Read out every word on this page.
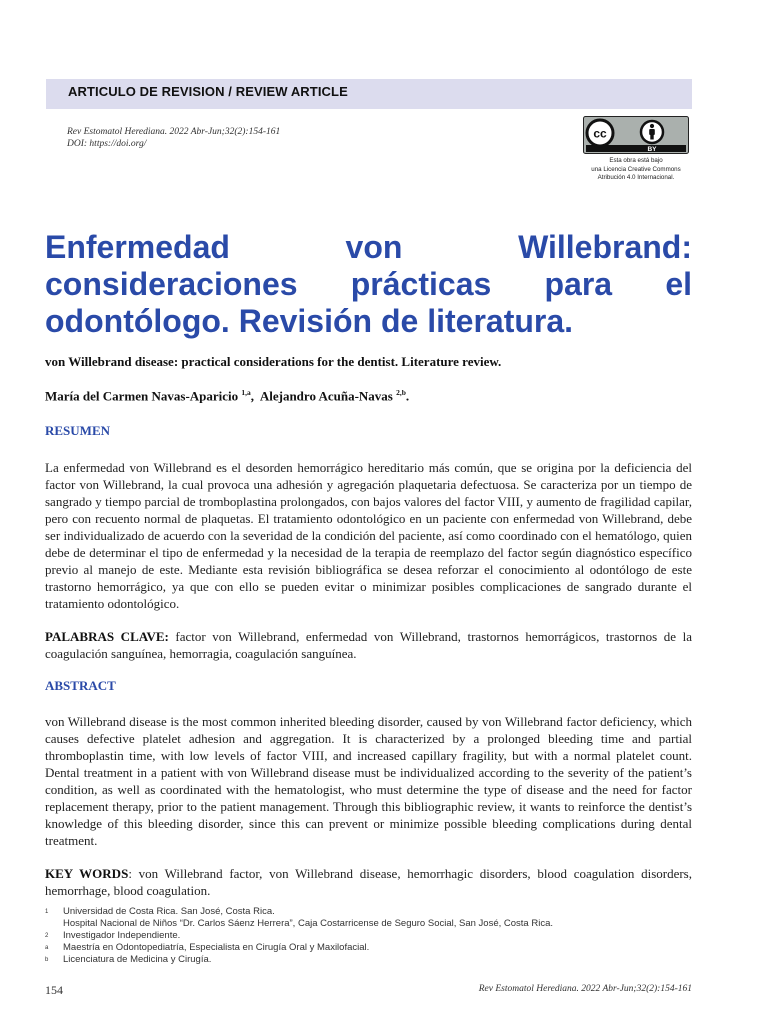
ARTICULO DE REVISION / REVIEW ARTICLE
Rev Estomatol Herediana. 2022 Abr-Jun;32(2):154-161
DOI: https://doi.org/
cc
BY
Esta obra está bajo
una Licencia Creative Commons
Atribución 4.0 Internacional.
Enfermedad von Willebrand: consideraciones prácticas para el odontólogo. Revisión de literatura.
von Willebrand disease: practical considerations for the dentist. Literature review.
María del Carmen Navas-Aparicio $^{1,a}$,  Alejandro Acuña-Navas $^{2,b}$.
RESUMEN

La enfermedad von Willebrand es el desorden hemorrágico hereditario más común, que se origina por la deficiencia del factor von Willebrand, la cual provoca una adhesión y agregación plaquetaria defectuosa. Se caracteriza por un tiempo de sangrado y tiempo parcial de tromboplastina prolongados, con bajos valores del factor VIII, y aumento de fragilidad capilar, pero con recuento normal de plaquetas. El tratamiento odontológico en un paciente con enfermedad von Willebrand, debe ser individualizado de acuerdo con la severidad de la condición del paciente, así como coordinado con el hematólogo, quien debe de determinar el tipo de enfermedad y la necesidad de la terapia de reemplazo del factor según diagnóstico específico previo al manejo de este. Mediante esta revisión bibliográfica se desea reforzar el conocimiento al odontólogo de este trastorno hemorrágico, ya que con ello se pueden evitar o minimizar posibles complicaciones de sangrado durante el tratamiento odontológico.

PALABRAS CLAVE: factor von Willebrand, enfermedad von Willebrand, trastornos hemorrágicos, trastornos de la coagulación sanguínea, hemorragia, coagulación sanguínea.

ABSTRACT

von Willebrand disease is the most common inherited bleeding disorder, caused by von Willebrand factor deficiency, which causes defective platelet adhesion and aggregation. It is characterized by a prolonged bleeding time and partial thromboplastin time, with low levels of factor VIII, and increased capillary fragility, but with a normal platelet count. Dental treatment in a patient with von Willebrand disease must be individualized according to the severity of the patient’s condition, as well as coordinated with the hematologist, who must determine the type of disease and the need for factor replacement therapy, prior to the patient management. Through this bibliographic review, it wants to reinforce the dentist’s knowledge of this bleeding disorder, since this can prevent or minimize possible bleeding complications during dental treatment.

KEY WORDS: von Willebrand factor, von Willebrand disease, hemorrhagic disorders, blood coagulation disorders, hemorrhage, blood coagulation.

1	Universidad de Costa Rica. San José, Costa Rica.
Hospital Nacional de Niños “Dr. Carlos Sáenz Herrera”, Caja Costarricense de Seguro Social, San José, Costa Rica.
2	Investigador Independiente.
a	Maestría en Odontopediatría, Especialista en Cirugía Oral y Maxilofacial.
b	Licenciatura de Medicina y Cirugía.
154	Rev Estomatol Herediana. 2022 Abr-Jun;32(2):154-161
